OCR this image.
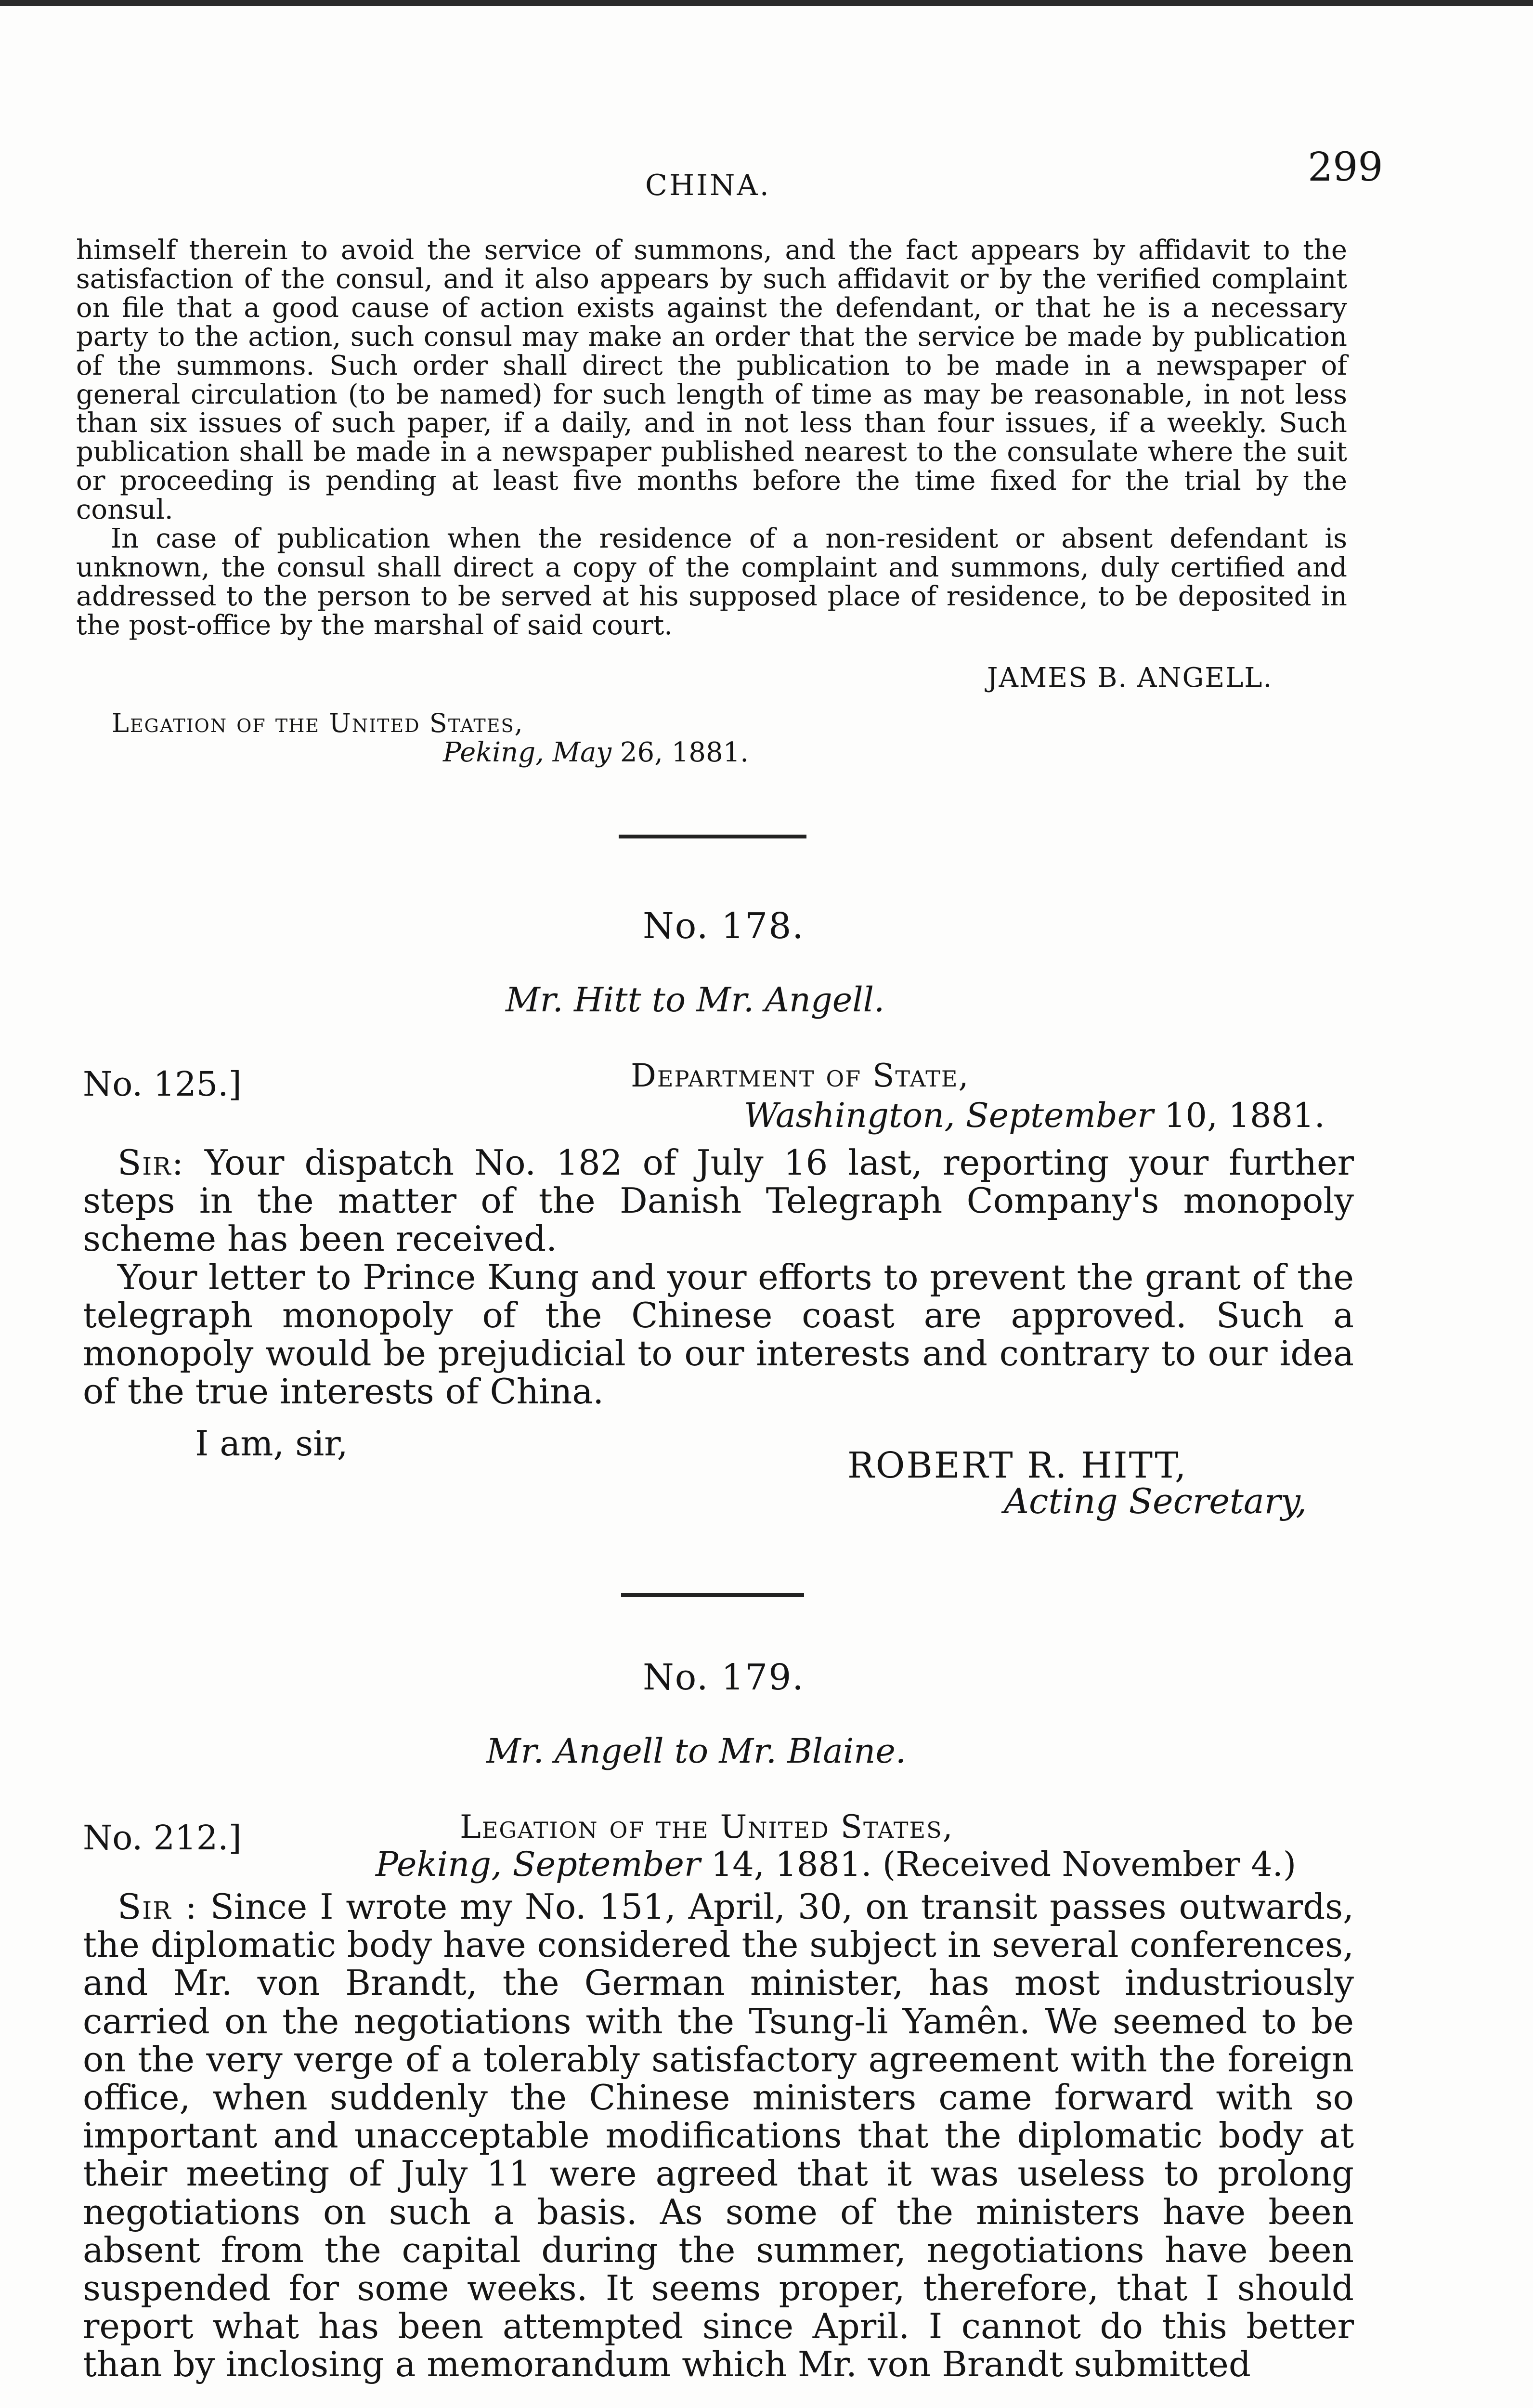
CHINA.	299

himself therein to avoid the service of summons, and the fact appears by affidavit to the satisfaction of the consul, and it also appears by such affidavit or by the verified complaint on file that a good cause of action exists against the defendant, or that he is a necessary party to the action, such consul may make an order that the service be made by publication of the summons. Such order shall direct the publication to be made in a newspaper of general circulation (to be named) for such length of time as may be reasonable, in not less than six issues of such paper, if a daily, and in not less than four issues, if a weekly. Such publication shall be made in a newspaper published nearest to the consulate where the suit or proceeding is pending at least five months before the time fixed for the trial by the consul.

In case of publication when the residence of a non-resident or absent defendant is unknown, the consul shall direct a copy of the complaint and summons, duly certified and addressed to the person to be served at his supposed place of residence, to be deposited in the post-office by the marshal of said court.

JAMES B. ANGELL.
Legation of the United States,
Peking, May 26, 1881.
No. 178.
Mr. Hitt to Mr. Angell.
No. 125.]	Department of State,
Washington, September 10, 1881.

Sir: Your dispatch No. 182 of July 16 last, reporting your further steps in the matter of the Danish Telegraph Company's monopoly scheme has been received.

Your letter to Prince Kung and your efforts to prevent the grant of the telegraph monopoly of the Chinese coast are approved. Such a monopoly would be prejudicial to our interests and contrary to our idea of the true interests of China.

I am, sir,
ROBERT R. HITT,
Acting Secretary,
No. 179.
Mr. Angell to Mr. Blaine.
No. 212.]	Legation of the United States,
Peking, September 14, 1881. (Received November 4.)

Sir : Since I wrote my No. 151, April, 30, on transit passes outwards, the diplomatic body have considered the subject in several conferences, and Mr. von Brandt, the German minister, has most industriously carried on the negotiations with the Tsung-li Yamên. We seemed to be on the very verge of a tolerably satisfactory agreement with the foreign office, when suddenly the Chinese ministers came forward with so important and unacceptable modifications that the diplomatic body at their meeting of July 11 were agreed that it was useless to prolong negotiations on such a basis. As some of the ministers have been absent from the capital during the summer, negotiations have been suspended for some weeks. It seems proper, therefore, that I should report what has been attempted since April. I cannot do this better than by inclosing a memorandum which Mr. von Brandt submitted
